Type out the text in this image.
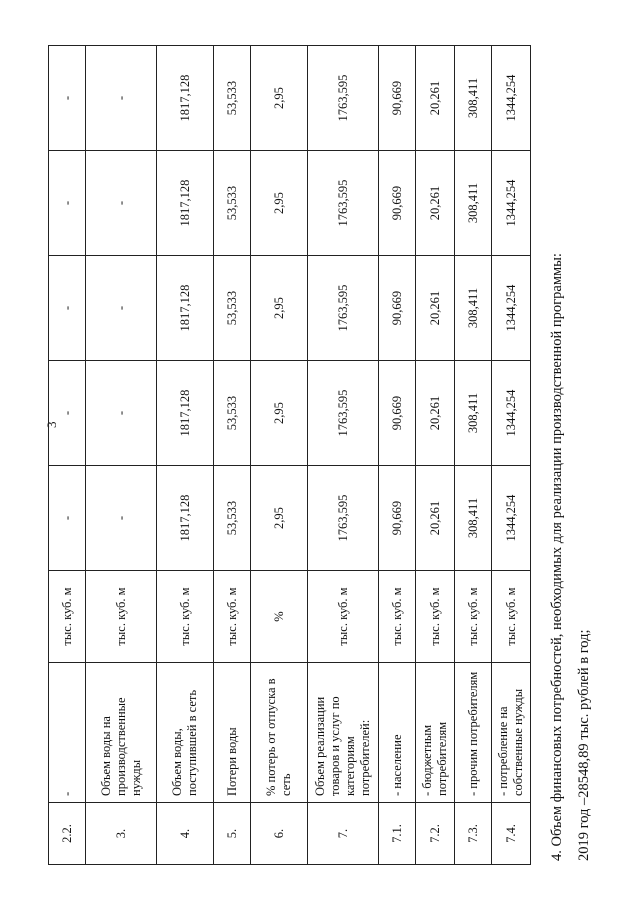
3
2.2.	-	тыс. куб. м	-	-	-	-	-
3.	Объем воды на производственные нужды	тыс. куб. м	-	-	-	-	-
4.	Объем воды, поступившей в сеть	тыс. куб. м	1817,128	1817,128	1817,128	1817,128	1817,128
5.	Потери воды	тыс. куб. м	53,533	53,533	53,533	53,533	53,533
6.	% потерь от отпуска в сеть	%	2,95	2,95	2,95	2,95	2,95
7.	Объем реализации товаров и услуг по категориям потребителей:	тыс. куб. м	1763,595	1763,595	1763,595	1763,595	1763,595
7.1.	- население	тыс. куб. м	90,669	90,669	90,669	90,669	90,669
7.2.	- бюджетным потребителям	тыс. куб. м	20,261	20,261	20,261	20,261	20,261
7.3.	- прочим потребителям	тыс. куб. м	308,411	308,411	308,411	308,411	308,411
7.4.	- потребление на собственные нужды	тыс. куб. м	1344,254	1344,254	1344,254	1344,254	1344,254

4. Объем финансовых потребностей, необходимых для реализации производственной программы: 2019 год –28548,89 тыс. рублей в год;
